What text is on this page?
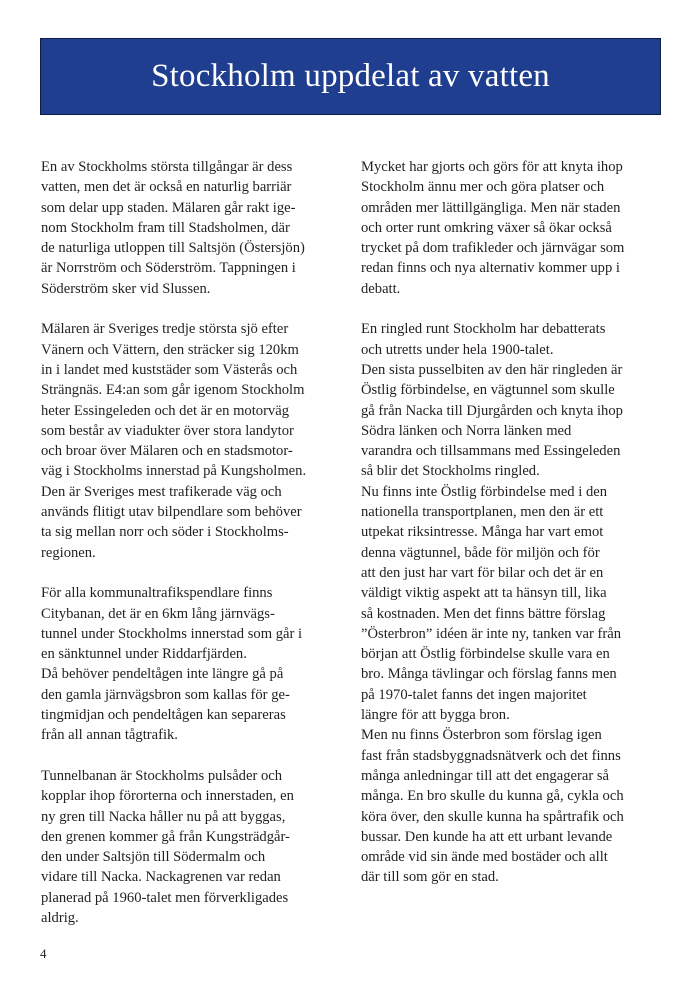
Stockholm uppdelat av vatten

En av Stockholms största tillgångar är dess
vatten, men det är också en naturlig barriär
som delar upp staden. Mälaren går rakt ige-
nom Stockholm fram till Stadsholmen, där
de naturliga utloppen till Saltsjön (Östersjön)
är Norrström och Söderström. Tappningen i
Söderström sker vid Slussen.

Mälaren är Sveriges tredje största sjö efter
Vänern och Vättern, den sträcker sig 120km
in i landet med kuststäder som Västerås och
Strängnäs. E4:an som går igenom Stockholm
heter Essingeleden och det är en motorväg
som består av viadukter över stora landytor
och broar över Mälaren och en stadsmotor-
väg i Stockholms innerstad på Kungsholmen.
Den är Sveriges mest trafikerade väg och
används flitigt utav bilpendlare som behöver
ta sig mellan norr och söder i Stockholms-
regionen.

För alla kommunaltrafikspendlare finns
Citybanan, det är en 6km lång järnvägs-
tunnel under Stockholms innerstad som går i
en sänktunnel under Riddarfjärden.
Då behöver pendeltågen inte längre gå på
den gamla järnvägsbron som kallas för ge-
tingmidjan och pendeltågen kan separeras
från all annan tågtrafik.

Tunnelbanan är Stockholms pulsåder och
kopplar ihop förorterna och innerstaden, en
ny gren till Nacka håller nu på att byggas,
den grenen kommer gå från Kungsträdgår-
den under Saltsjön till Södermalm och
vidare till Nacka. Nackagrenen var redan
planerad på 1960-talet men förverkligades
aldrig.

Mycket har gjorts och görs för att knyta ihop
Stockholm ännu mer och göra platser och
områden mer lättillgängliga. Men när staden
och orter runt omkring växer så ökar också
trycket på dom trafikleder och järnvägar som
redan finns och nya alternativ kommer upp i
debatt.

En ringled runt Stockholm har debatterats
och utretts under hela 1900-talet.
Den sista pusselbiten av den här ringleden är
Östlig förbindelse, en vägtunnel som skulle
gå från Nacka till Djurgården och knyta ihop
Södra länken och Norra länken med
varandra och tillsammans med Essingeleden
så blir det Stockholms ringled.
Nu finns inte Östlig förbindelse med i den
nationella transportplanen, men den är ett
utpekat riksintresse. Många har vart emot
denna vägtunnel, både för miljön och för
att den just har vart för bilar och det är en
väldigt viktig aspekt att ta hänsyn till, lika
så kostnaden. Men det finns bättre förslag
”Österbron” idéen är inte ny, tanken var från
början att Östlig förbindelse skulle vara en
bro. Många tävlingar och förslag fanns men
på 1970-talet fanns det ingen majoritet
längre för att bygga bron.
Men nu finns Österbron som förslag igen
fast från stadsbyggnadsnätverk och det finns
många anledningar till att det engagerar så
många. En bro skulle du kunna gå, cykla och
köra över, den skulle kunna ha spårtrafik och
bussar. Den kunde ha att ett urbant levande
område vid sin ände med bostäder och allt
där till som gör en stad.

4
